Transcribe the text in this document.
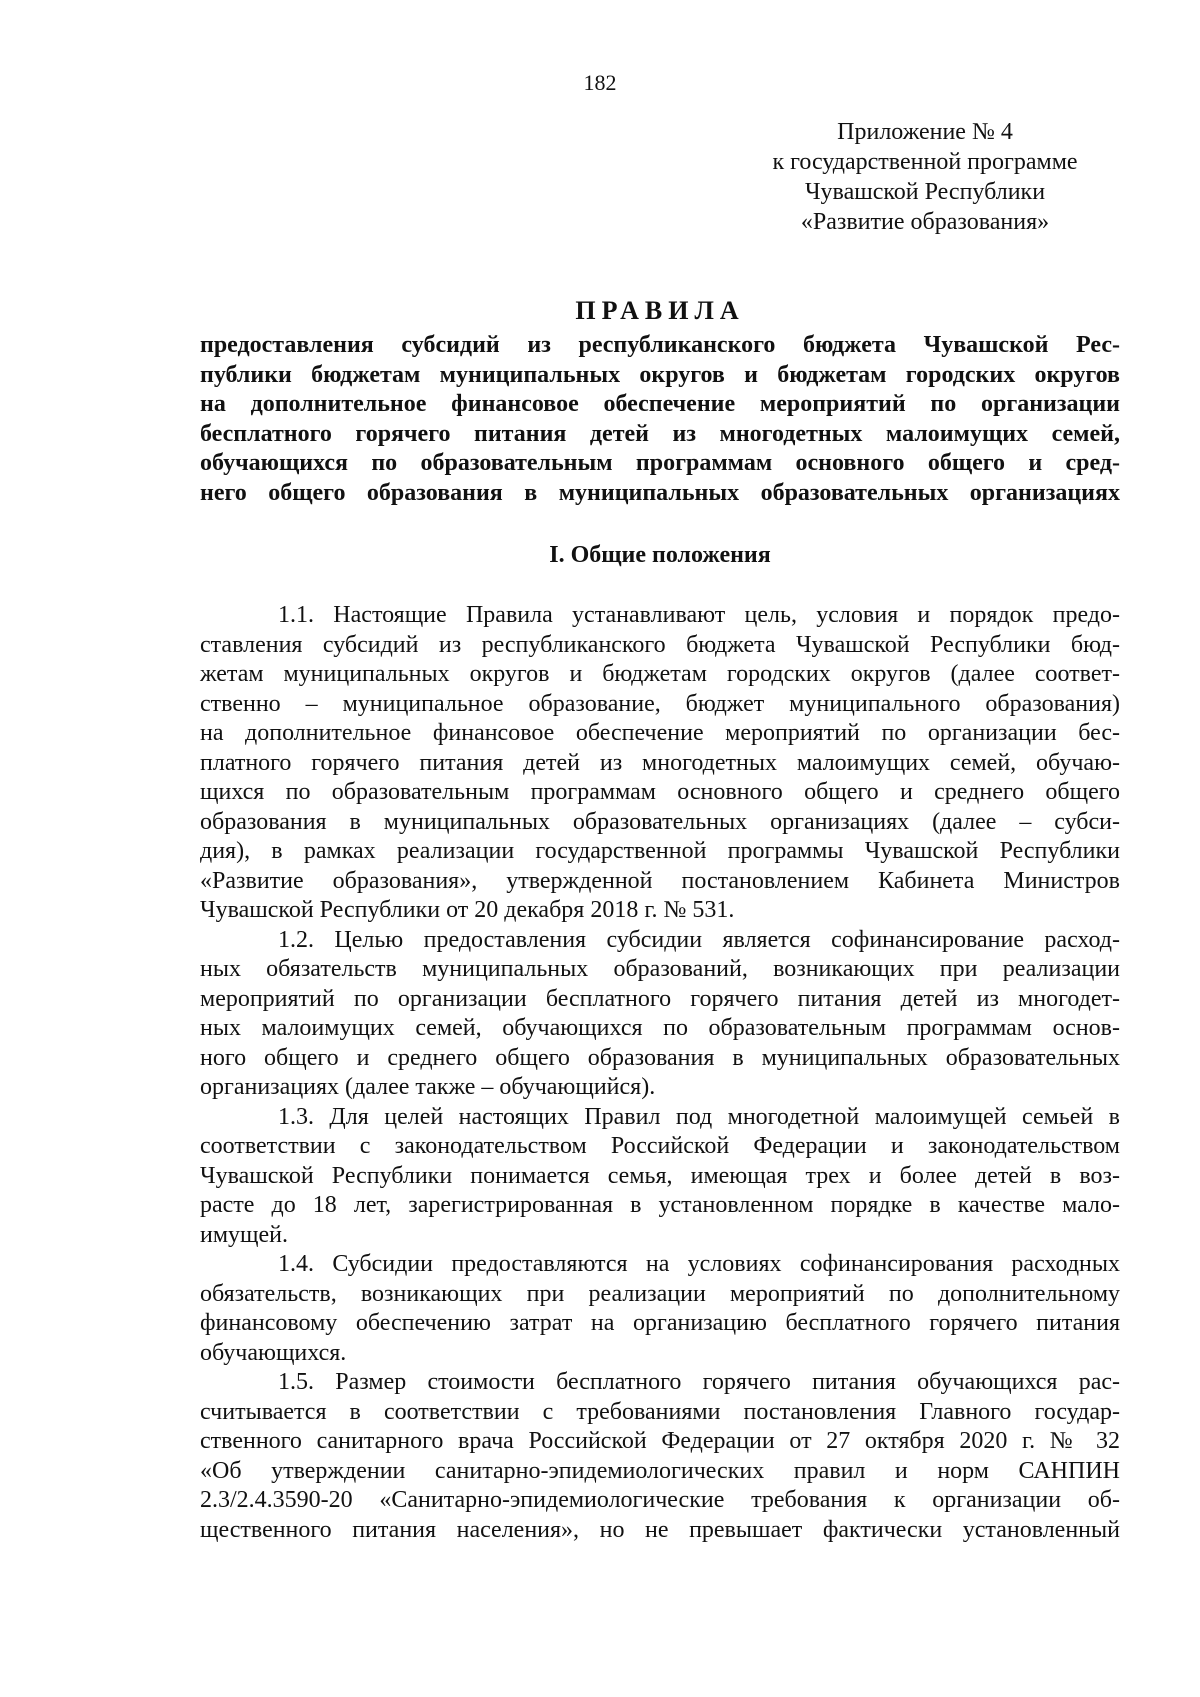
182
Приложение № 4
к государственной программе
Чувашской Республики
«Развитие образования»
ПРАВИЛА
предоставления субсидий из республиканского бюджета Чувашской Рес-
публики бюджетам муниципальных округов и бюджетам городских округов
на дополнительное финансовое обеспечение мероприятий по организации
бесплатного горячего питания детей из многодетных малоимущих семей,
обучающихся по образовательным программам основного общего и сред-
него общего образования в муниципальных образовательных организациях
I. Общие положения
1.1. Настоящие Правила устанавливают цель, условия и порядок предо-
ставления субсидий из республиканского бюджета Чувашской Республики бюд-
жетам муниципальных округов и бюджетам городских округов (далее соответ-
ственно – муниципальное образование, бюджет муниципального образования)
на дополнительное финансовое обеспечение мероприятий по организации бес-
платного горячего питания детей из многодетных малоимущих семей, обучаю-
щихся по образовательным программам основного общего и среднего общего
образования в муниципальных образовательных организациях (далее – субси-
дия), в рамках реализации государственной программы Чувашской Республики
«Развитие образования», утвержденной постановлением Кабинета Министров
Чувашской Республики от 20 декабря 2018 г. № 531.
1.2. Целью предоставления субсидии является софинансирование расход-
ных обязательств муниципальных образований, возникающих при реализации
мероприятий по организации бесплатного горячего питания детей из многодет-
ных малоимущих семей, обучающихся по образовательным программам основ-
ного общего и среднего общего образования в муниципальных образовательных
организациях (далее также – обучающийся).
1.3. Для целей настоящих Правил под многодетной малоимущей семьей в
соответствии с законодательством Российской Федерации и законодательством
Чувашской Республики понимается семья, имеющая трех и более детей в воз-
расте до 18 лет, зарегистрированная в установленном порядке в качестве мало-
имущей.
1.4. Субсидии предоставляются на условиях софинансирования расходных
обязательств, возникающих при реализации мероприятий по дополнительному
финансовому обеспечению затрат на организацию бесплатного горячего питания
обучающихся.
1.5. Размер стоимости бесплатного горячего питания обучающихся рас-
считывается в соответствии с требованиями постановления Главного государ-
ственного санитарного врача Российской Федерации от 27 октября 2020 г. № 32
«Об утверждении санитарно-эпидемиологических правил и норм САНПИН
2.3/2.4.3590-20 «Санитарно-эпидемиологические требования к организации об-
щественного питания населения», но не превышает фактически установленный
